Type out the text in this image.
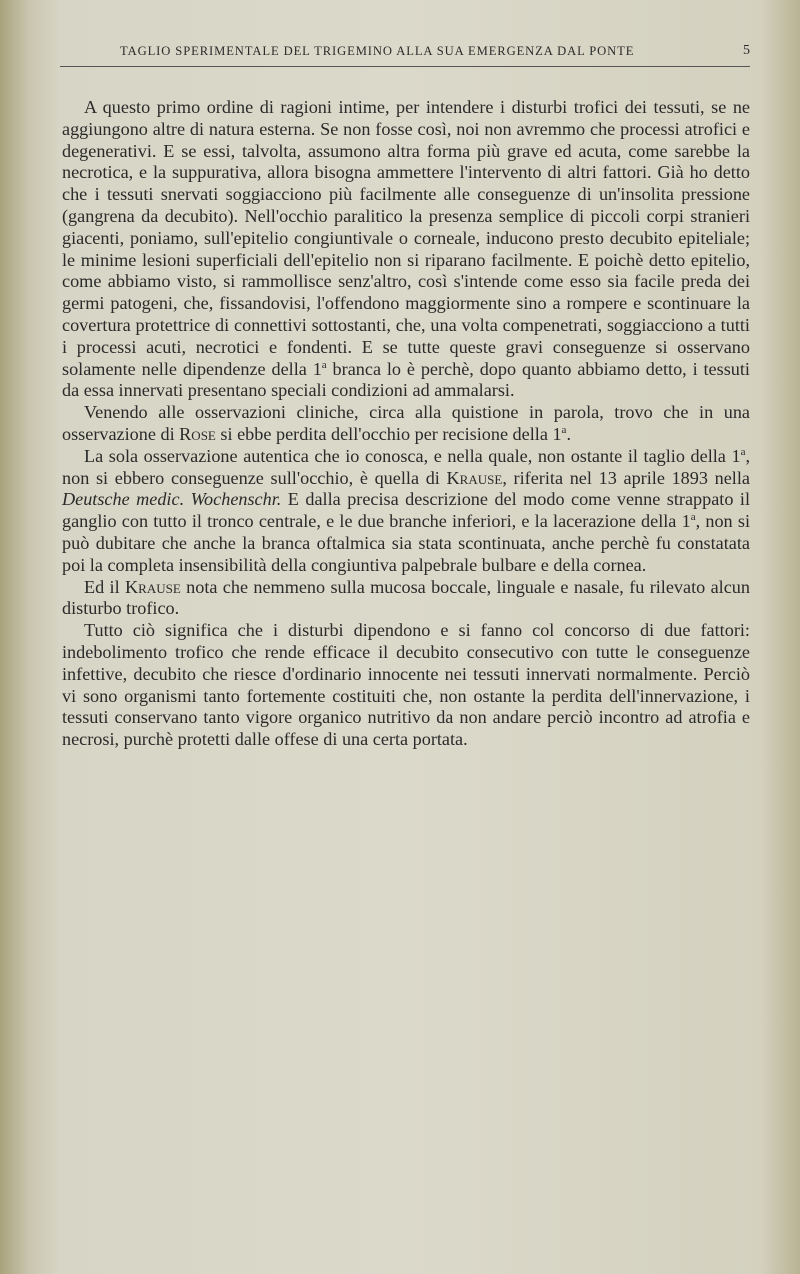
TAGLIO SPERIMENTALE DEL TRIGEMINO ALLA SUA EMERGENZA DAL PONTE	5

A questo primo ordine di ragioni intime, per intendere i disturbi trofici dei tessuti, se ne aggiungono altre di natura esterna. Se non fosse così, noi non avremmo che processi atrofici e degenerativi. E se essi, talvolta, assumono altra forma più grave ed acuta, come sarebbe la necrotica, e la suppurativa, allora bisogna ammettere l'intervento di altri fattori. Già ho detto che i tessuti snervati soggiacciono più facilmente alle conseguenze di un'insolita pressione (gangrena da decubito). Nell'occhio paralitico la presenza semplice di piccoli corpi stranieri giacenti, poniamo, sull'epitelio congiuntivale o corneale, inducono presto decubito epiteliale; le minime lesioni superficiali dell'epitelio non si riparano facilmente. E poichè detto epitelio, come abbiamo visto, si rammollisce senz'altro, così s'intende come esso sia facile preda dei germi patogeni, che, fissandovisi, l'offendono maggiormente sino a rompere e scontinuare la covertura protettrice di connettivi sottostanti, che, una volta compenetrati, soggiacciono a tutti i processi acuti, necrotici e fondenti. E se tutte queste gravi conseguenze si osservano solamente nelle dipendenze della 1$^a$ branca lo è perchè, dopo quanto abbiamo detto, i tessuti da essa innervati presentano speciali condizioni ad ammalarsi.

Venendo alle osservazioni cliniche, circa alla quistione in parola, trovo che in una osservazione di Rose si ebbe perdita dell'occhio per recisione della 1$^a$.

La sola osservazione autentica che io conosca, e nella quale, non ostante il taglio della 1$^a$, non si ebbero conseguenze sull'occhio, è quella di Krause, riferita nel 13 aprile 1893 nella Deutsche medic. Wochenschr. E dalla precisa descrizione del modo come venne strappato il ganglio con tutto il tronco centrale, e le due branche inferiori, e la lacerazione della 1$^a$, non si può dubitare che anche la branca oftalmica sia stata scontinuata, anche perchè fu constatata poi la completa insensibilità della congiuntiva palpebrale bulbare e della cornea.

Ed il Krause nota che nemmeno sulla mucosa boccale, linguale e nasale, fu rilevato alcun disturbo trofico.

Tutto ciò significa che i disturbi dipendono e si fanno col concorso di due fattori: indebolimento trofico che rende efficace il decubito consecutivo con tutte le conseguenze infettive, decubito che riesce d'ordinario innocente nei tessuti innervati normalmente. Perciò vi sono organismi tanto fortemente costituiti che, non ostante la perdita dell'innervazione, i tessuti conservano tanto vigore organico nutritivo da non andare perciò incontro ad atrofia e necrosi, purchè protetti dalle offese di una certa portata.
